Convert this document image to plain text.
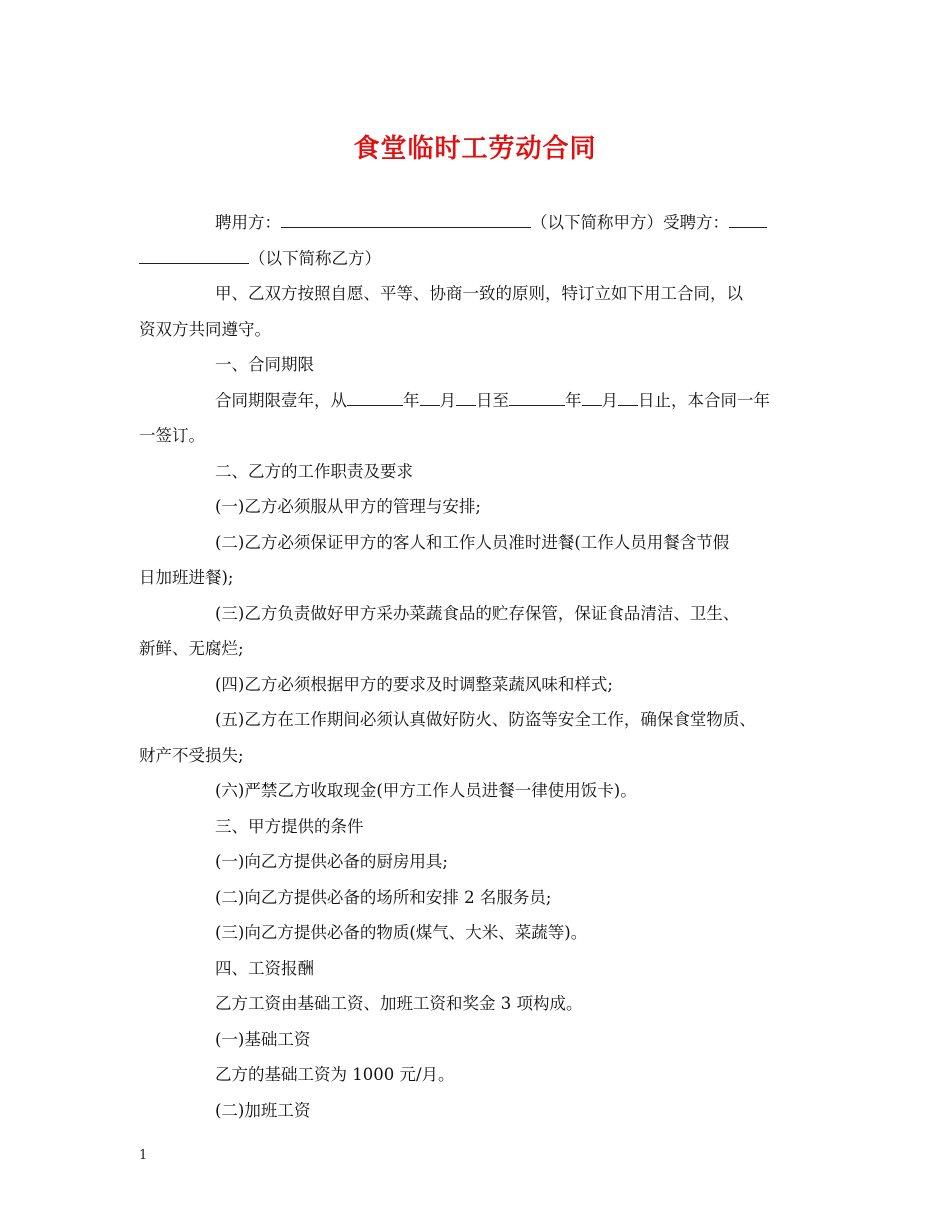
食堂临时工劳动合同

聘用方：	（以下简称甲方）受聘方：

（以下简称乙方）

甲、乙双方按照自愿、平等、协商一致的原则，特订立如下用工合同，以

资双方共同遵守。

一、合同期限

合同期限壹年，从	年 月 日至	年 月 日止，本合同一年

一签订。

二、乙方的工作职责及要求

(一)乙方必须服从甲方的管理与安排;

(二)乙方必须保证甲方的客人和工作人员准时进餐(工作人员用餐含节假

日加班进餐);

(三)乙方负责做好甲方采办菜蔬食品的贮存保管，保证食品清洁、卫生、

新鲜、无腐烂;

(四)乙方必须根据甲方的要求及时调整菜蔬风味和样式;

(五)乙方在工作期间必须认真做好防火、防盗等安全工作，确保食堂物质、

财产不受损失;

(六)严禁乙方收取现金(甲方工作人员进餐一律使用饭卡)。

三、甲方提供的条件

(一)向乙方提供必备的厨房用具;

(二)向乙方提供必备的场所和安排 2 名服务员;

(三)向乙方提供必备的物质(煤气、大米、菜蔬等)。

四、工资报酬

乙方工资由基础工资、加班工资和奖金 3 项构成。

(一)基础工资

乙方的基础工资为 1000 元/月。

(二)加班工资

1
